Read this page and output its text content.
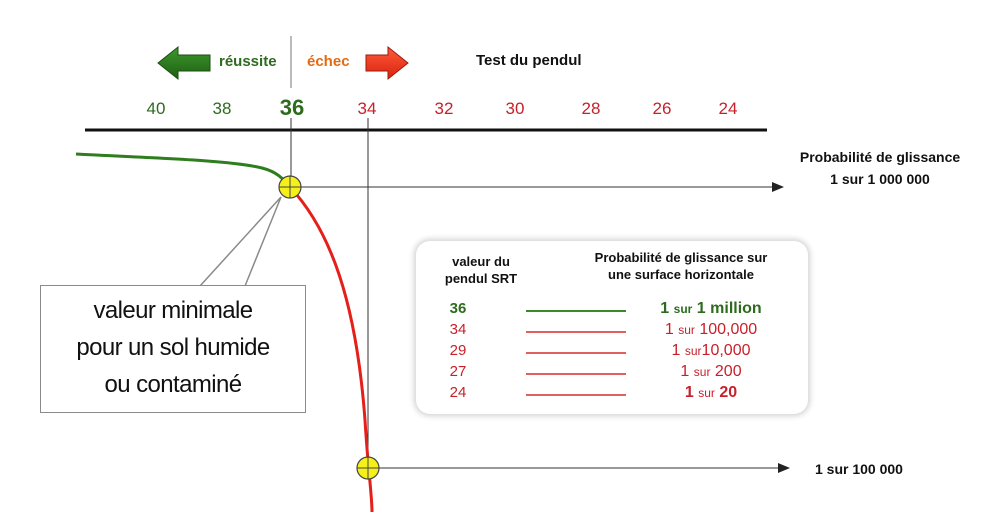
réussite échec	Test du pendul
40	38 36	34	32	30	28	26	24
Probabilité de glissance
1 sur 1 000 000
1 sur 100 000
valeur minimale
pour un sol humide
ou contaminé
valeur du
pendul SRT
Probabilité de glissance sur
une surface horizontale
36	1 sur 1 million
34	1 sur 100,000
29	1 sur10,000
27	1 sur 200
24	1 sur 20
